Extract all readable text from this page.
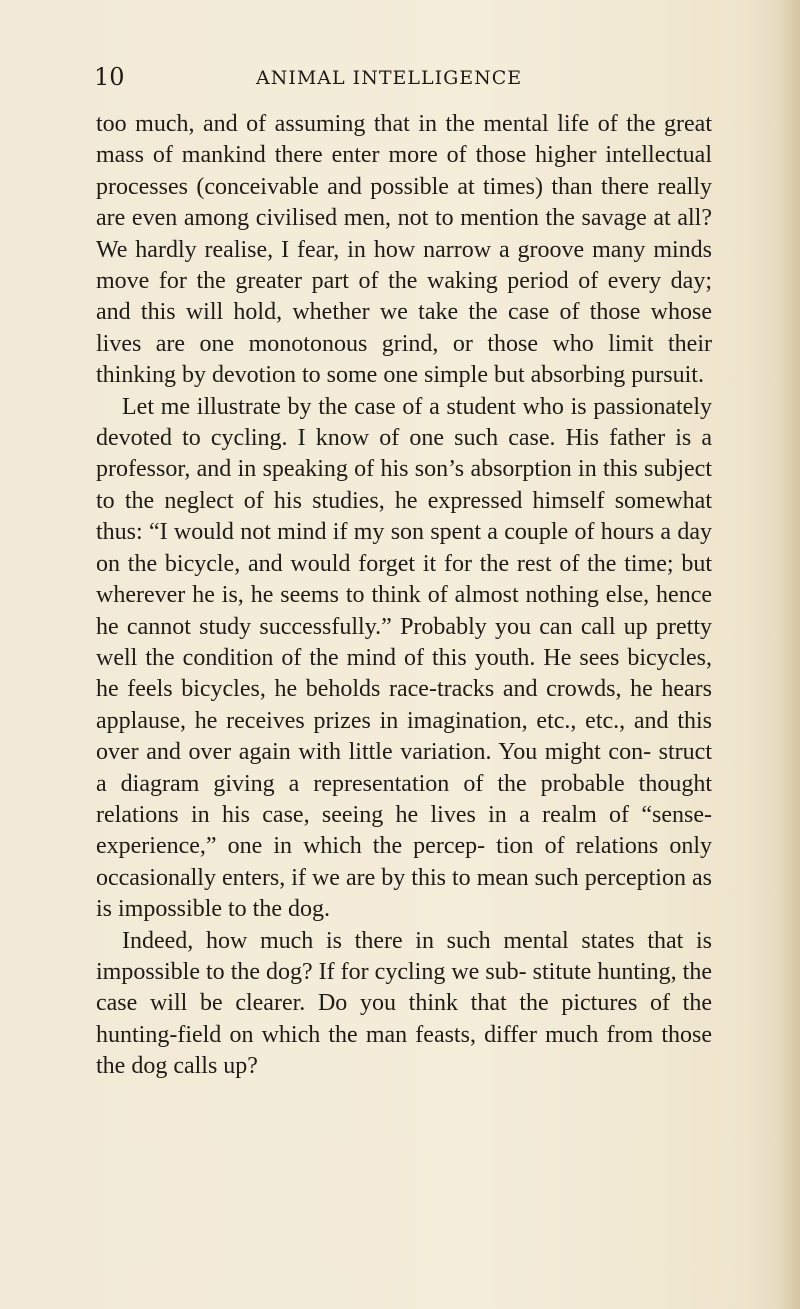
10	ANIMAL INTELLIGENCE

too much, and of assuming that in the mental life of the great mass of mankind there enter more of those higher intellectual processes (conceivable and possible at times) than there really are even among civilised men, not to mention the savage at all? We hardly realise, I fear, in how narrow a groove many minds move for the greater part of the waking period of every day; and this will hold, whether we take the case of those whose lives are one monotonous grind, or those who limit their thinking by devotion to some one simple but absorbing pursuit.

Let me illustrate by the case of a student who is passionately devoted to cycling. I know of one such case. His father is a professor, and in speaking of his son’s absorption in this subject to the neglect of his studies, he expressed himself somewhat thus: “I would not mind if my son spent a couple of hours a day on the bicycle, and would forget it for the rest of the time; but wherever he is, he seems to think of almost nothing else, hence he cannot study successfully.” Probably you can call up pretty well the condition of the mind of this youth. He sees bicycles, he feels bicycles, he beholds race-tracks and crowds, he hears applause, he receives prizes in imagination, etc., etc., and this over and over again with little variation. You might con- struct a diagram giving a representation of the probable thought relations in his case, seeing he lives in a realm of “sense-experience,” one in which the percep- tion of relations only occasionally enters, if we are by this to mean such perception as is impossible to the dog.

Indeed, how much is there in such mental states that is impossible to the dog? If for cycling we sub- stitute hunting, the case will be clearer. Do you think that the pictures of the hunting-field on which the man feasts, differ much from those the dog calls up?
